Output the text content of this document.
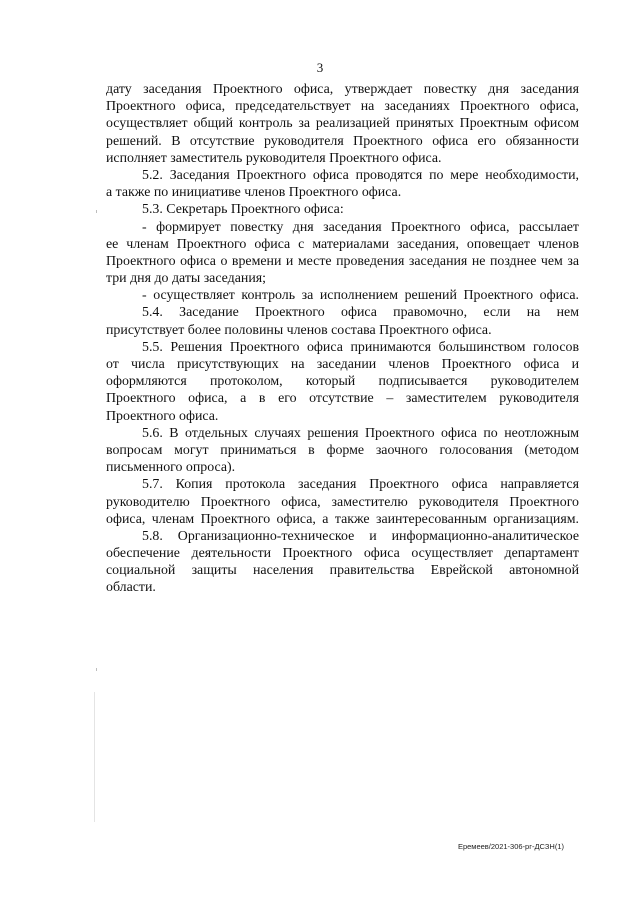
3
дату заседания Проектного офиса, утверждает повестку дня заседания
Проектного офиса, председательствует на заседаниях Проектного офиса,
осуществляет общий контроль за реализацией принятых Проектным офисом
решений. В отсутствие руководителя Проектного офиса его обязанности
исполняет заместитель руководителя Проектного офиса.
5.2. Заседания Проектного офиса проводятся по мере необходимости,
а также по инициативе членов Проектного офиса.
5.3. Секретарь Проектного офиса:
- формирует повестку дня заседания Проектного офиса, рассылает
ее членам Проектного офиса с материалами заседания, оповещает членов
Проектного офиса о времени и месте проведения заседания не позднее чем за
три дня до даты заседания;
- осуществляет контроль за исполнением решений Проектного офиса.
5.4. Заседание Проектного офиса правомочно, если на нем
присутствует более половины членов состава Проектного офиса.
5.5. Решения Проектного офиса принимаются большинством голосов
от числа присутствующих на заседании членов Проектного офиса и
оформляются протоколом, который подписывается руководителем
Проектного офиса, а в его отсутствие – заместителем руководителя
Проектного офиса.
5.6. В отдельных случаях решения Проектного офиса по неотложным
вопросам могут приниматься в форме заочного голосования (методом
письменного опроса).
5.7. Копия протокола заседания Проектного офиса направляется
руководителю Проектного офиса, заместителю руководителя Проектного
офиса, членам Проектного офиса, а также заинтересованным организациям.
5.8. Организационно-техническое и информационно-аналитическое
обеспечение деятельности Проектного офиса осуществляет департамент
социальной защиты населения правительства Еврейской автономной
области.
Еремеев/2021-306-рг-ДСЗН(1)
